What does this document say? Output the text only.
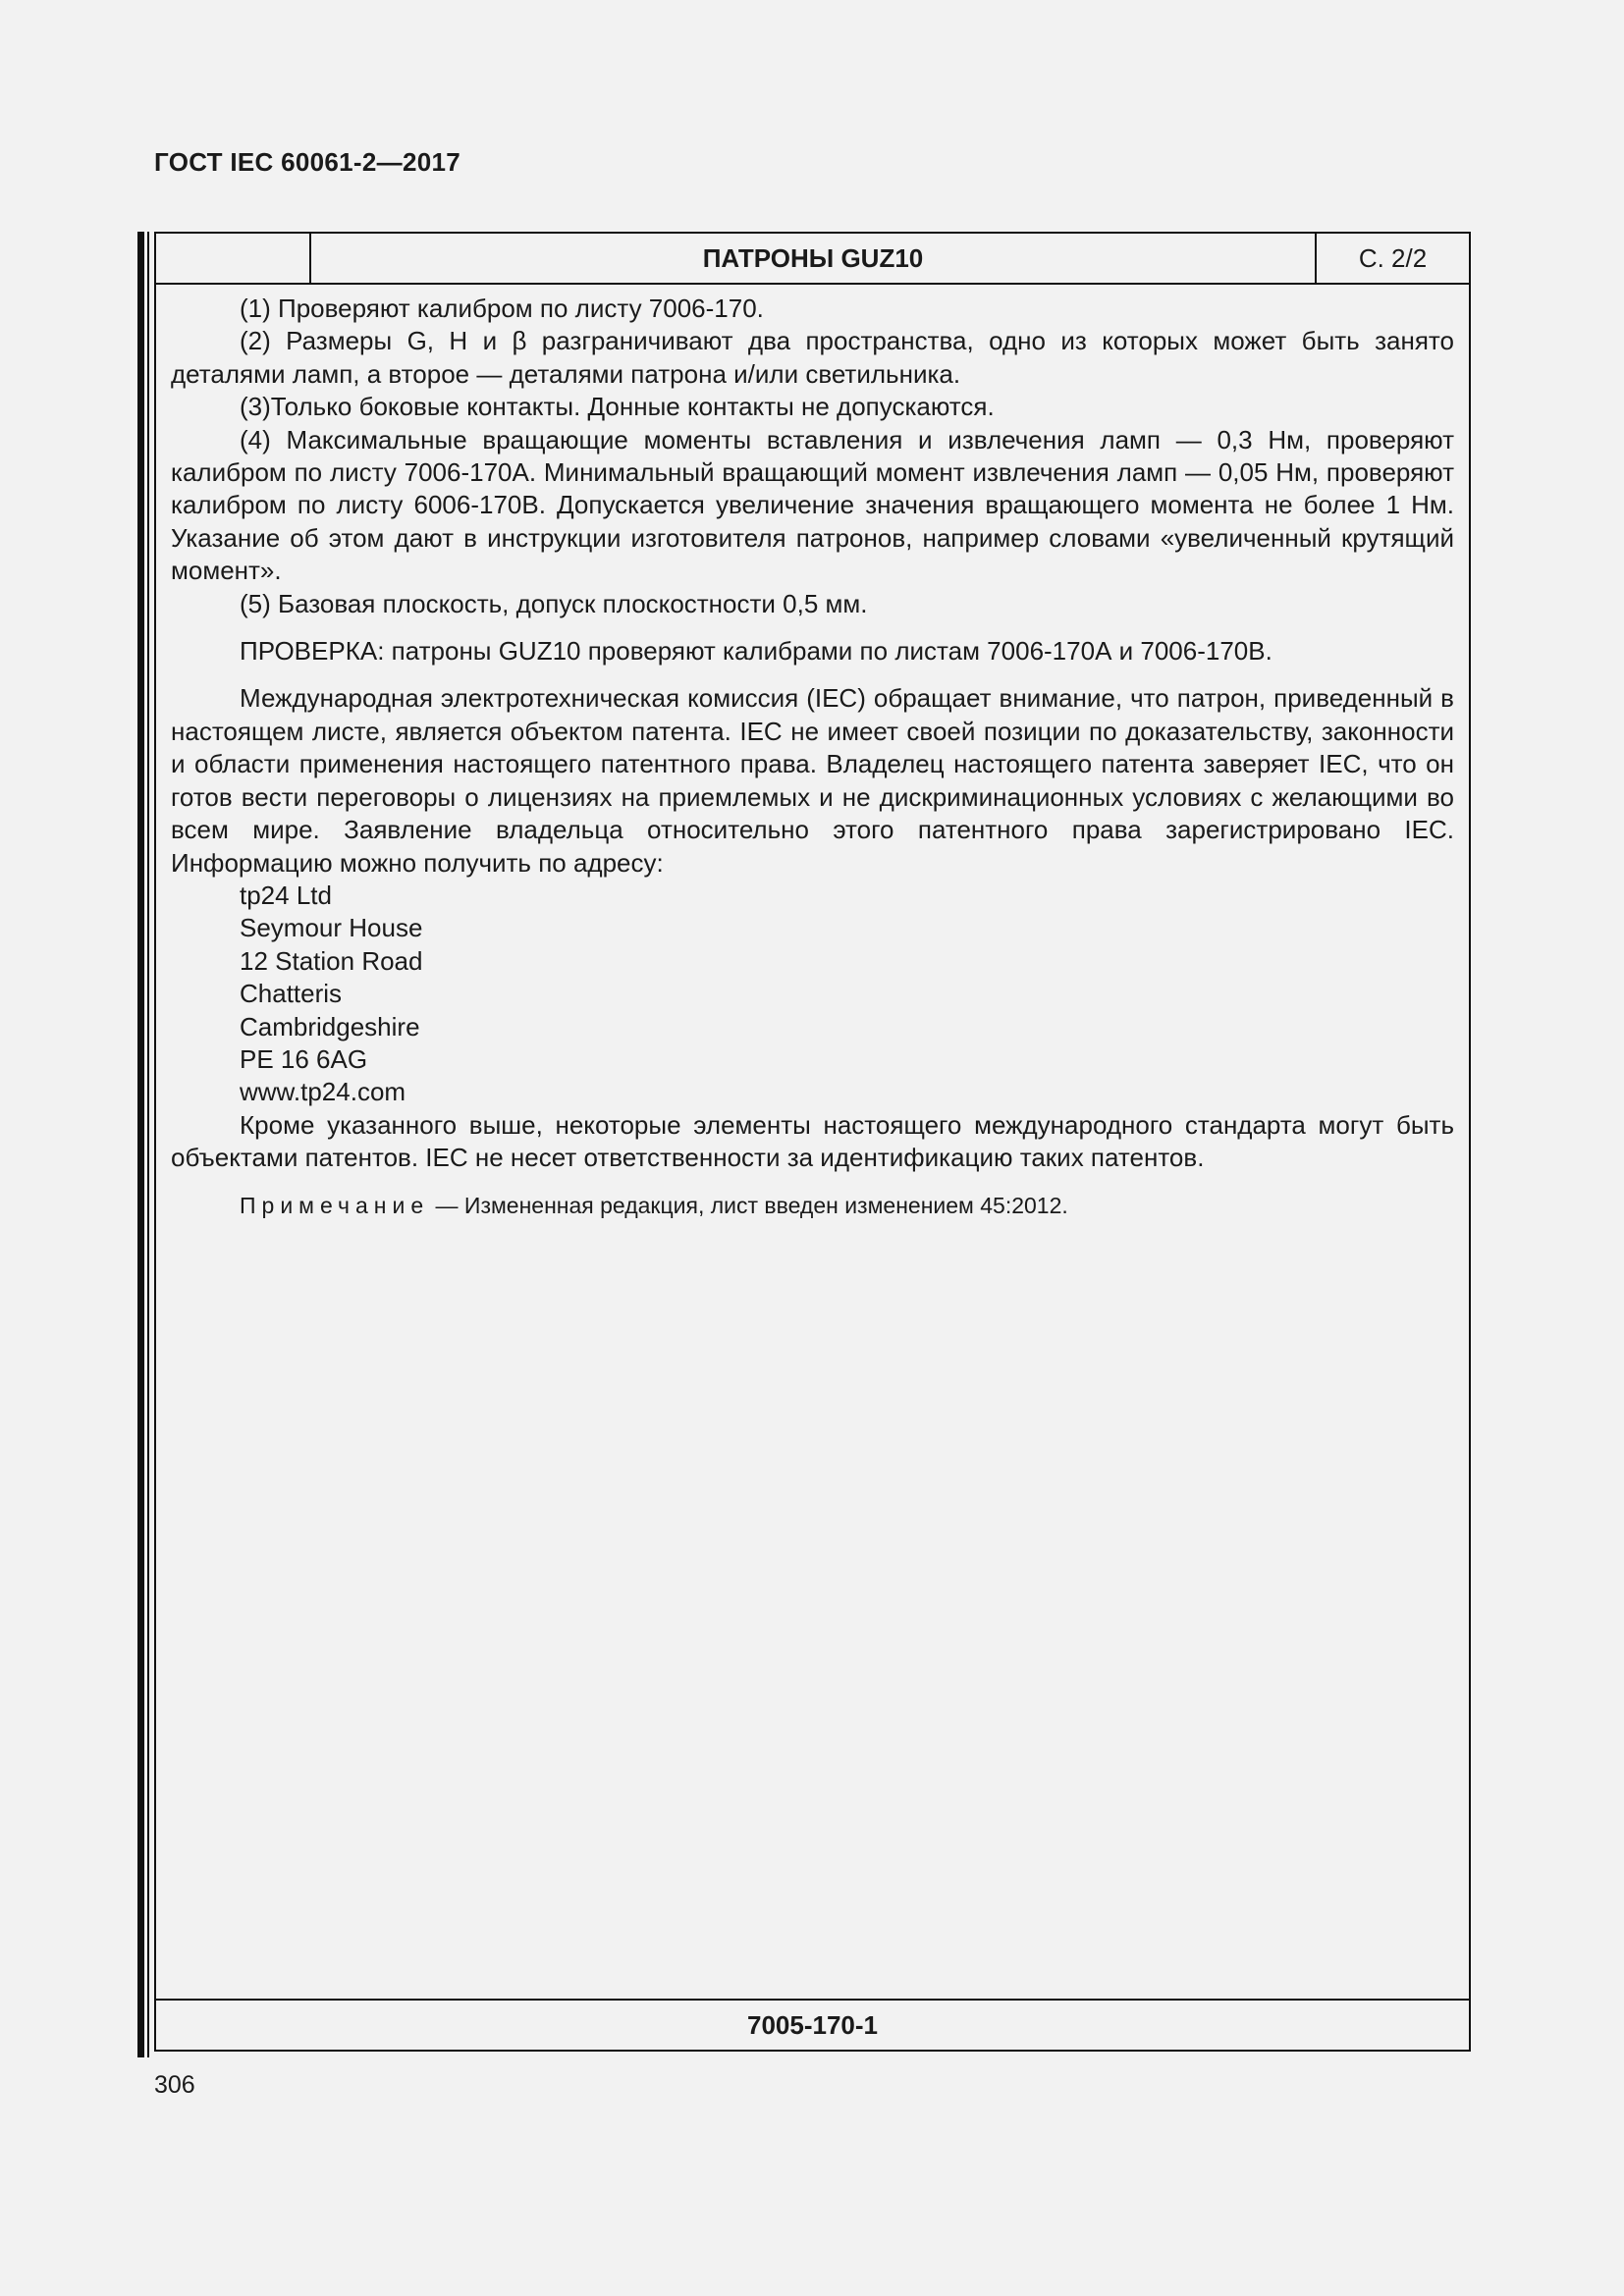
ГОСТ IEC 60061-2—2017
ПАТРОНЫ GUZ10	С. 2/2

(1) Проверяют калибром по листу 7006-170.

(2) Размеры G, H и β разграничивают два пространства, одно из которых может быть занято деталями ламп, а второе — деталями патрона и/или светильника.

(3)Только боковые контакты. Донные контакты не допускаются.

(4) Максимальные вращающие моменты вставления и извлечения ламп — 0,3 Нм, проверяют калибром по листу 7006-170А. Минимальный вращающий момент извлечения ламп — 0,05 Нм, проверяют калибром по листу 6006-170В. Допускается увеличение значения вращающего момента не более 1 Нм. Указание об этом дают в инструкции изготовителя патронов, например словами «увеличенный крутящий момент».

(5) Базовая плоскость, допуск плоскостности 0,5 мм.

ПРОВЕРКА: патроны GUZ10 проверяют калибрами по листам 7006-170А и 7006-170В.

Международная электротехническая комиссия (IEC) обращает внимание, что патрон, приведенный в настоящем листе, является объектом патента. IEC не имеет своей позиции по доказательству, законности и области применения настоящего патентного права. Владелец настоящего патента заверяет IEC, что он готов вести переговоры о лицензиях на приемлемых и не дискриминационных условиях с желающими во всем мире. Заявление владельца относительно этого патентного права зарегистрировано IEC. Информацию можно получить по адресу:

tp24 Ltd

Seymour House

12 Station Road

Chatteris

Cambridgeshire

PE 16 6AG

www.tp24.com

Кроме указанного выше, некоторые элементы настоящего международного стандарта могут быть объектами патентов. IEC не несет ответственности за идентификацию таких патентов.

Примечание — Измененная редакция, лист введен изменением 45:2012.

7005-170-1
306
